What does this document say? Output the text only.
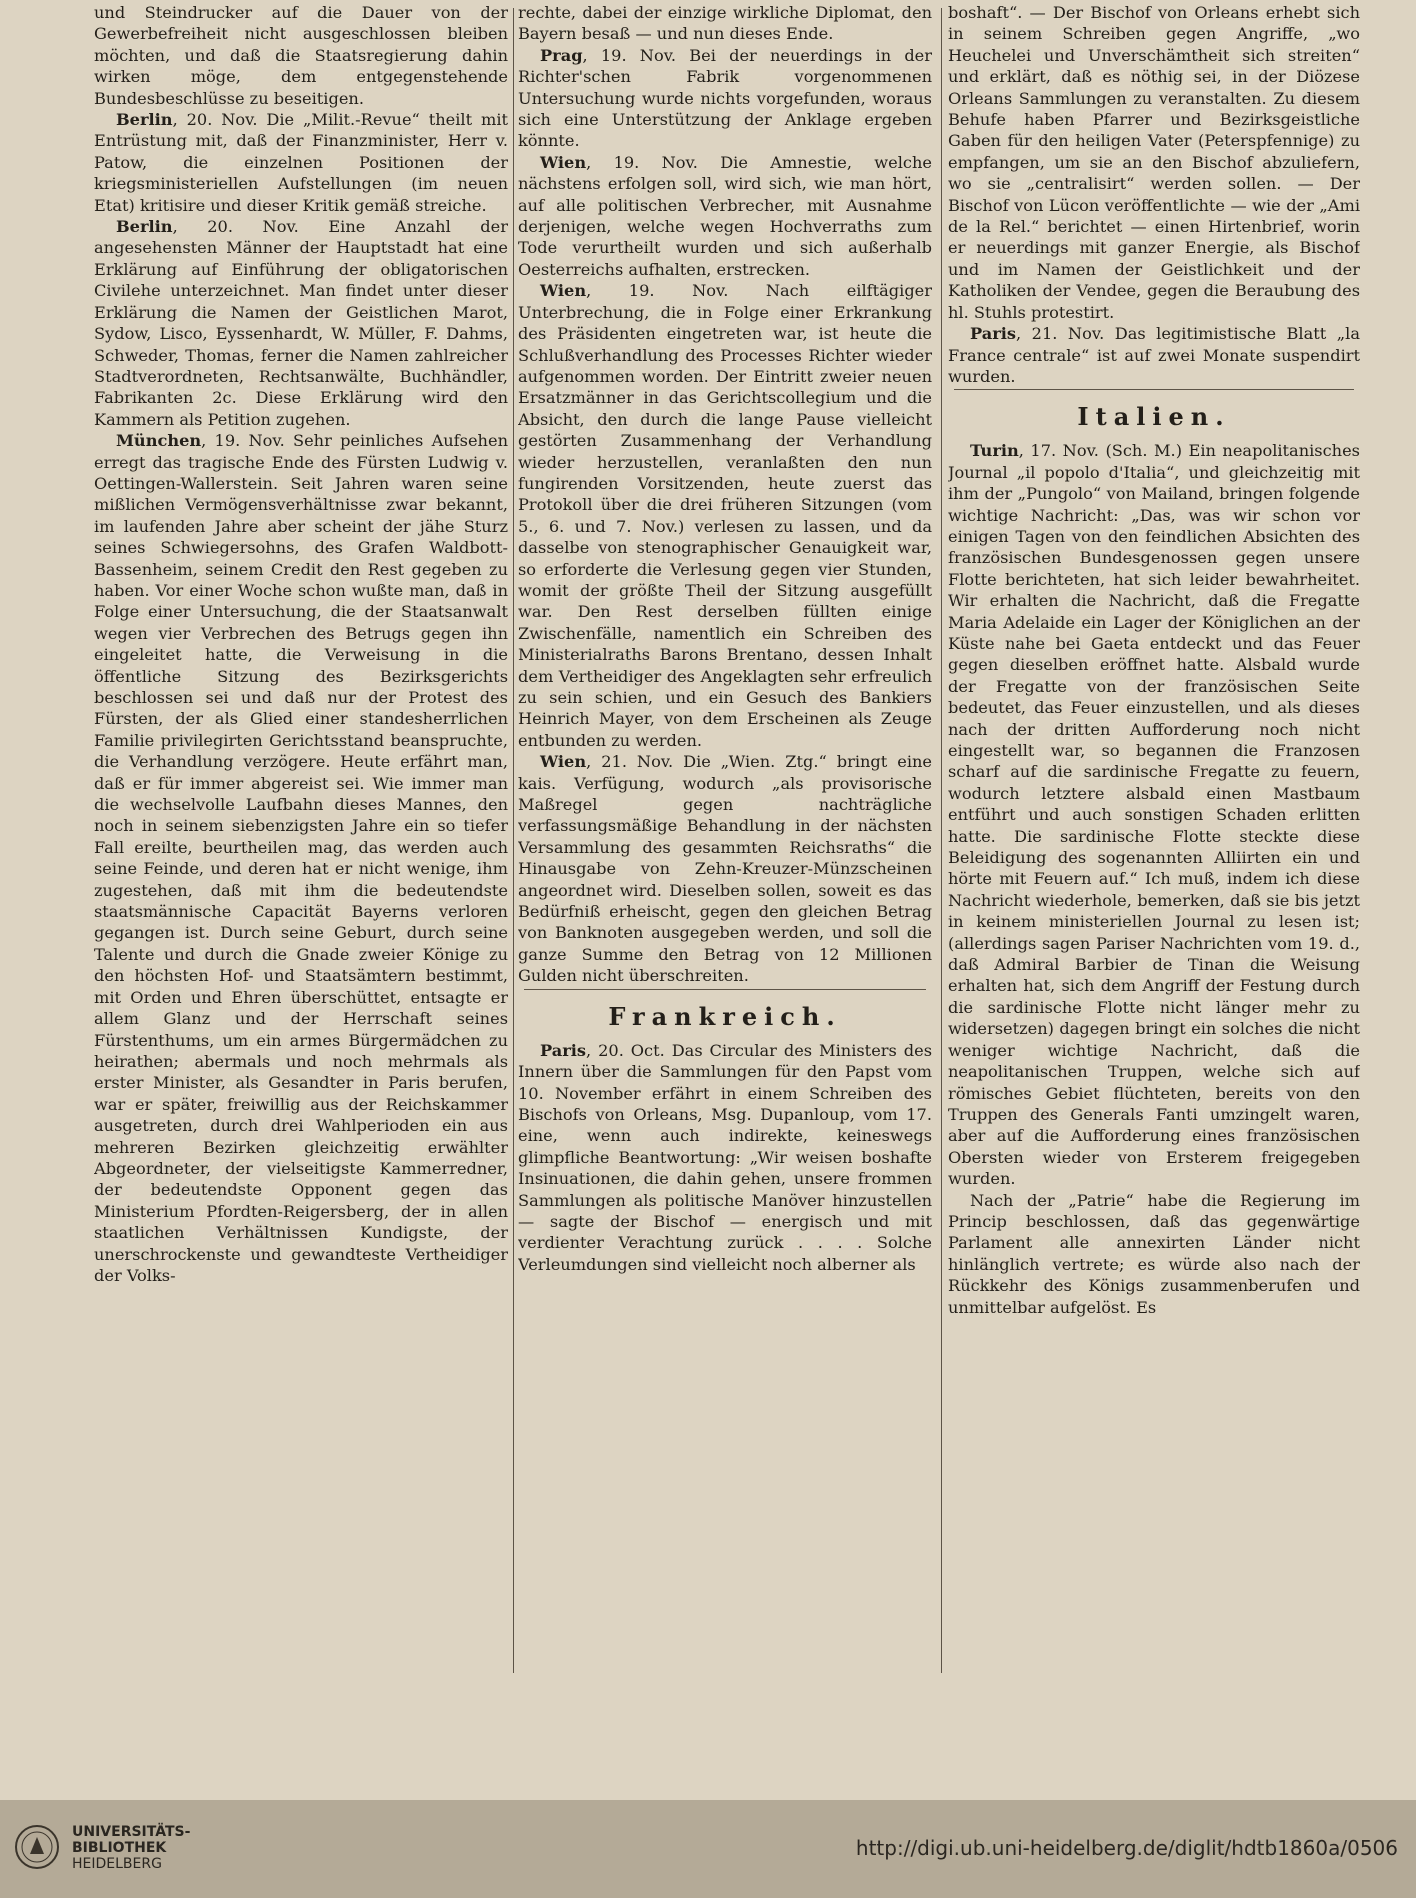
und Steindrucker auf die Dauer von der Gewerbefreiheit nicht ausgeschlossen bleiben möchten, und daß die Staatsregierung dahin wirken möge, dem entgegenstehende Bundesbeschlüsse zu beseitigen.

Berlin, 20. Nov. Die „Milit.-Revue“ theilt mit Entrüstung mit, daß der Finanzminister, Herr v. Patow, die einzelnen Positionen der kriegsministeriellen Aufstellungen (im neuen Etat) kritisire und dieser Kritik gemäß streiche.

Berlin, 20. Nov. Eine Anzahl der angesehensten Männer der Hauptstadt hat eine Erklärung auf Einführung der obligatorischen Civilehe unterzeichnet. Man findet unter dieser Erklärung die Namen der Geistlichen Marot, Sydow, Lisco, Eyssenhardt, W. Müller, F. Dahms, Schweder, Thomas, ferner die Namen zahlreicher Stadtverordneten, Rechtsanwälte, Buchhändler, Fabrikanten 2c. Diese Erklärung wird den Kammern als Petition zugehen.

München, 19. Nov. Sehr peinliches Aufsehen erregt das tragische Ende des Fürsten Ludwig v. Oettingen-Wallerstein. Seit Jahren waren seine mißlichen Vermögensverhältnisse zwar bekannt, im laufenden Jahre aber scheint der jähe Sturz seines Schwiegersohns, des Grafen Waldbott-Bassenheim, seinem Credit den Rest gegeben zu haben. Vor einer Woche schon wußte man, daß in Folge einer Untersuchung, die der Staatsanwalt wegen vier Verbrechen des Betrugs gegen ihn eingeleitet hatte, die Verweisung in die öffentliche Sitzung des Bezirksgerichts beschlossen sei und daß nur der Protest des Fürsten, der als Glied einer standesherrlichen Familie privilegirten Gerichtsstand beanspruchte, die Verhandlung verzögere. Heute erfährt man, daß er für immer abgereist sei. Wie immer man die wechselvolle Laufbahn dieses Mannes, den noch in seinem siebenzigsten Jahre ein so tiefer Fall ereilte, beurtheilen mag, das werden auch seine Feinde, und deren hat er nicht wenige, ihm zugestehen, daß mit ihm die bedeutendste staatsmännische Capacität Bayerns verloren gegangen ist. Durch seine Geburt, durch seine Talente und durch die Gnade zweier Könige zu den höchsten Hof- und Staatsämtern bestimmt, mit Orden und Ehren überschüttet, entsagte er allem Glanz und der Herrschaft seines Fürstenthums, um ein armes Bürgermädchen zu heirathen; abermals und noch mehrmals als erster Minister, als Gesandter in Paris berufen, war er später, freiwillig aus der Reichskammer ausgetreten, durch drei Wahlperioden ein aus mehreren Bezirken gleichzeitig erwählter Abgeordneter, der vielseitigste Kammerredner, der bedeutendste Opponent gegen das Ministerium Pfordten-Reigersberg, der in allen staatlichen Verhältnissen Kundigste, der unerschrockenste und gewandteste Vertheidiger der Volks-

rechte, dabei der einzige wirkliche Diplomat, den Bayern besaß — und nun dieses Ende.

Prag, 19. Nov. Bei der neuerdings in der Richter'schen Fabrik vorgenommenen Untersuchung wurde nichts vorgefunden, woraus sich eine Unterstützung der Anklage ergeben könnte.

Wien, 19. Nov. Die Amnestie, welche nächstens erfolgen soll, wird sich, wie man hört, auf alle politischen Verbrecher, mit Ausnahme derjenigen, welche wegen Hochverraths zum Tode verurtheilt wurden und sich außerhalb Oesterreichs aufhalten, erstrecken.

Wien, 19. Nov. Nach eilftägiger Unterbrechung, die in Folge einer Erkrankung des Präsidenten eingetreten war, ist heute die Schlußverhandlung des Processes Richter wieder aufgenommen worden. Der Eintritt zweier neuen Ersatzmänner in das Gerichtscollegium und die Absicht, den durch die lange Pause vielleicht gestörten Zusammenhang der Verhandlung wieder herzustellen, veranlaßten den nun fungirenden Vorsitzenden, heute zuerst das Protokoll über die drei früheren Sitzungen (vom 5., 6. und 7. Nov.) verlesen zu lassen, und da dasselbe von stenographischer Genauigkeit war, so erforderte die Verlesung gegen vier Stunden, womit der größte Theil der Sitzung ausgefüllt war. Den Rest derselben füllten einige Zwischenfälle, namentlich ein Schreiben des Ministerialraths Barons Brentano, dessen Inhalt dem Vertheidiger des Angeklagten sehr erfreulich zu sein schien, und ein Gesuch des Bankiers Heinrich Mayer, von dem Erscheinen als Zeuge entbunden zu werden.

Wien, 21. Nov. Die „Wien. Ztg.“ bringt eine kais. Verfügung, wodurch „als provisorische Maßregel gegen nachträgliche verfassungsmäßige Behandlung in der nächsten Versammlung des gesammten Reichsraths“ die Hinausgabe von Zehn-Kreuzer-Münzscheinen angeordnet wird. Dieselben sollen, soweit es das Bedürfniß erheischt, gegen den gleichen Betrag von Banknoten ausgegeben werden, und soll die ganze Summe den Betrag von 12 Millionen Gulden nicht überschreiten.

Frankreich.

Paris, 20. Oct. Das Circular des Ministers des Innern über die Sammlungen für den Papst vom 10. November erfährt in einem Schreiben des Bischofs von Orleans, Msg. Dupanloup, vom 17. eine, wenn auch indirekte, keineswegs glimpfliche Beantwortung: „Wir weisen boshafte Insinuationen, die dahin gehen, unsere frommen Sammlungen als politische Manöver hinzustellen — sagte der Bischof — energisch und mit verdienter Verachtung zurück . . . . Solche Verleumdungen sind vielleicht noch alberner als

boshaft“. — Der Bischof von Orleans erhebt sich in seinem Schreiben gegen Angriffe, „wo Heuchelei und Unverschämtheit sich streiten“ und erklärt, daß es nöthig sei, in der Diözese Orleans Sammlungen zu veranstalten. Zu diesem Behufe haben Pfarrer und Bezirksgeistliche Gaben für den heiligen Vater (Peterspfennige) zu empfangen, um sie an den Bischof abzuliefern, wo sie „centralisirt“ werden sollen. — Der Bischof von Lücon veröffentlichte — wie der „Ami de la Rel.“ berichtet — einen Hirtenbrief, worin er neuerdings mit ganzer Energie, als Bischof und im Namen der Geistlichkeit und der Katholiken der Vendee, gegen die Beraubung des hl. Stuhls protestirt.

Paris, 21. Nov. Das legitimistische Blatt „la France centrale“ ist auf zwei Monate suspendirt wurden.

Italien.

Turin, 17. Nov. (Sch. M.) Ein neapolitanisches Journal „il popolo d'Italia“, und gleichzeitig mit ihm der „Pungolo“ von Mailand, bringen folgende wichtige Nachricht: „Das, was wir schon vor einigen Tagen von den feindlichen Absichten des französischen Bundesgenossen gegen unsere Flotte berichteten, hat sich leider bewahrheitet. Wir erhalten die Nachricht, daß die Fregatte Maria Adelaide ein Lager der Königlichen an der Küste nahe bei Gaeta entdeckt und das Feuer gegen dieselben eröffnet hatte. Alsbald wurde der Fregatte von der französischen Seite bedeutet, das Feuer einzustellen, und als dieses nach der dritten Aufforderung noch nicht eingestellt war, so begannen die Franzosen scharf auf die sardinische Fregatte zu feuern, wodurch letztere alsbald einen Mastbaum entführt und auch sonstigen Schaden erlitten hatte. Die sardinische Flotte steckte diese Beleidigung des sogenannten Alliirten ein und hörte mit Feuern auf.“ Ich muß, indem ich diese Nachricht wiederhole, bemerken, daß sie bis jetzt in keinem ministeriellen Journal zu lesen ist; (allerdings sagen Pariser Nachrichten vom 19. d., daß Admiral Barbier de Tinan die Weisung erhalten hat, sich dem Angriff der Festung durch die sardinische Flotte nicht länger mehr zu widersetzen) dagegen bringt ein solches die nicht weniger wichtige Nachricht, daß die neapolitanischen Truppen, welche sich auf römisches Gebiet flüchteten, bereits von den Truppen des Generals Fanti umzingelt waren, aber auf die Aufforderung eines französischen Obersten wieder von Ersterem freigegeben wurden.

Nach der „Patrie“ habe die Regierung im Princip beschlossen, daß das gegenwärtige Parlament alle annexirten Länder nicht hinlänglich vertrete; es würde also nach der Rückkehr des Königs zusammenberufen und unmittelbar aufgelöst. Es

UNIVERSITÄTS-
BIBLIOTHEK
HEIDELBERG
http://digi.ub.uni-heidelberg.de/diglit/hdtb1860a/0506
